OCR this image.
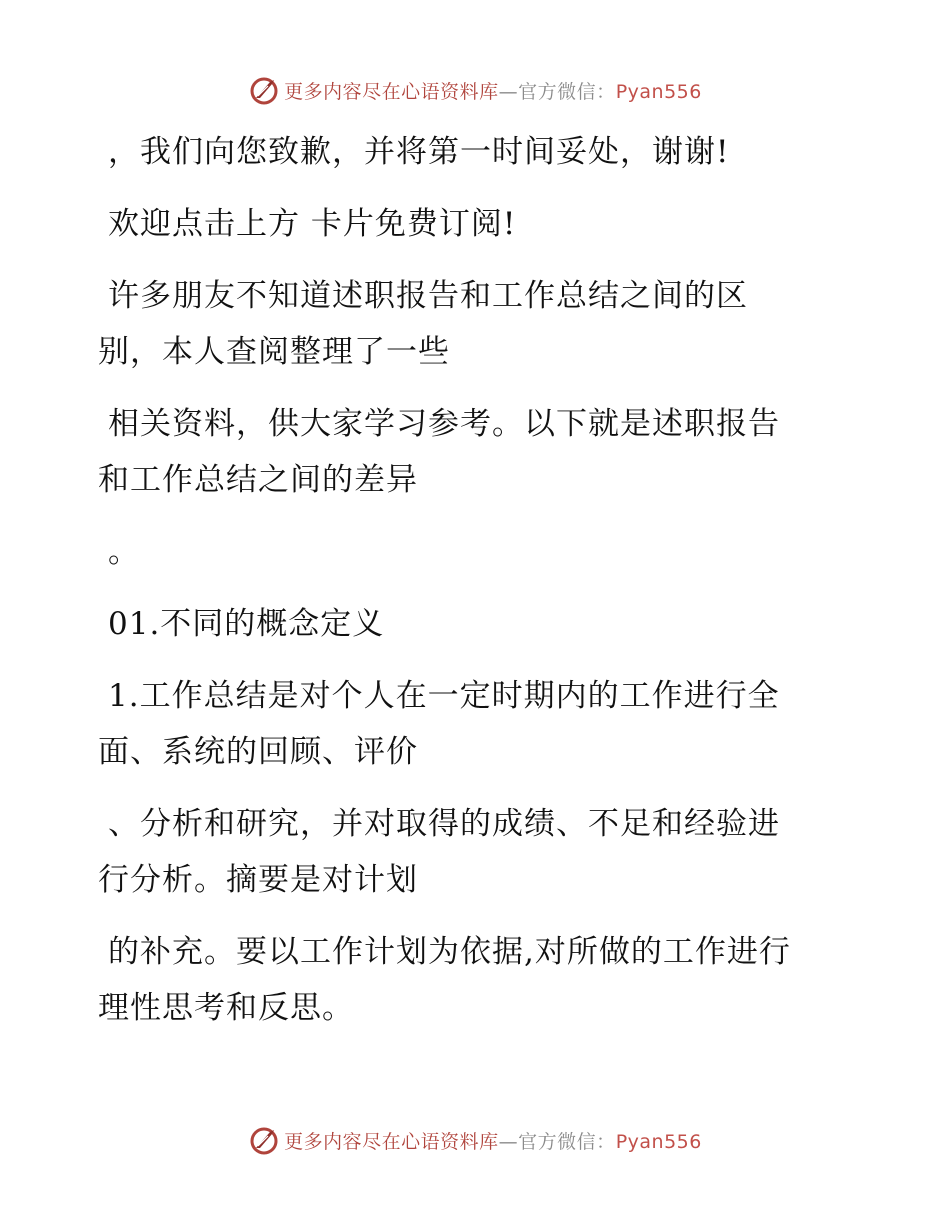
更多内容尽在心语资料库—官方微信：Pyan556
，我们向您致歉，并将第一时间妥处，谢谢!
欢迎点击上方 卡片免费订阅!
许多朋友不知道述职报告和工作总结之间的区
别，本人查阅整理了一些
相关资料，供大家学习参考。以下就是述职报告
和工作总结之间的差异
。
01.不同的概念定义
1.工作总结是对个人在一定时期内的工作进行全
面、系统的回顾、评价
、分析和研究，并对取得的成绩、不足和经验进
行分析。摘要是对计划
的补充。要以工作计划为依据,对所做的工作进行
理性思考和反思。
更多内容尽在心语资料库—官方微信：Pyan556
